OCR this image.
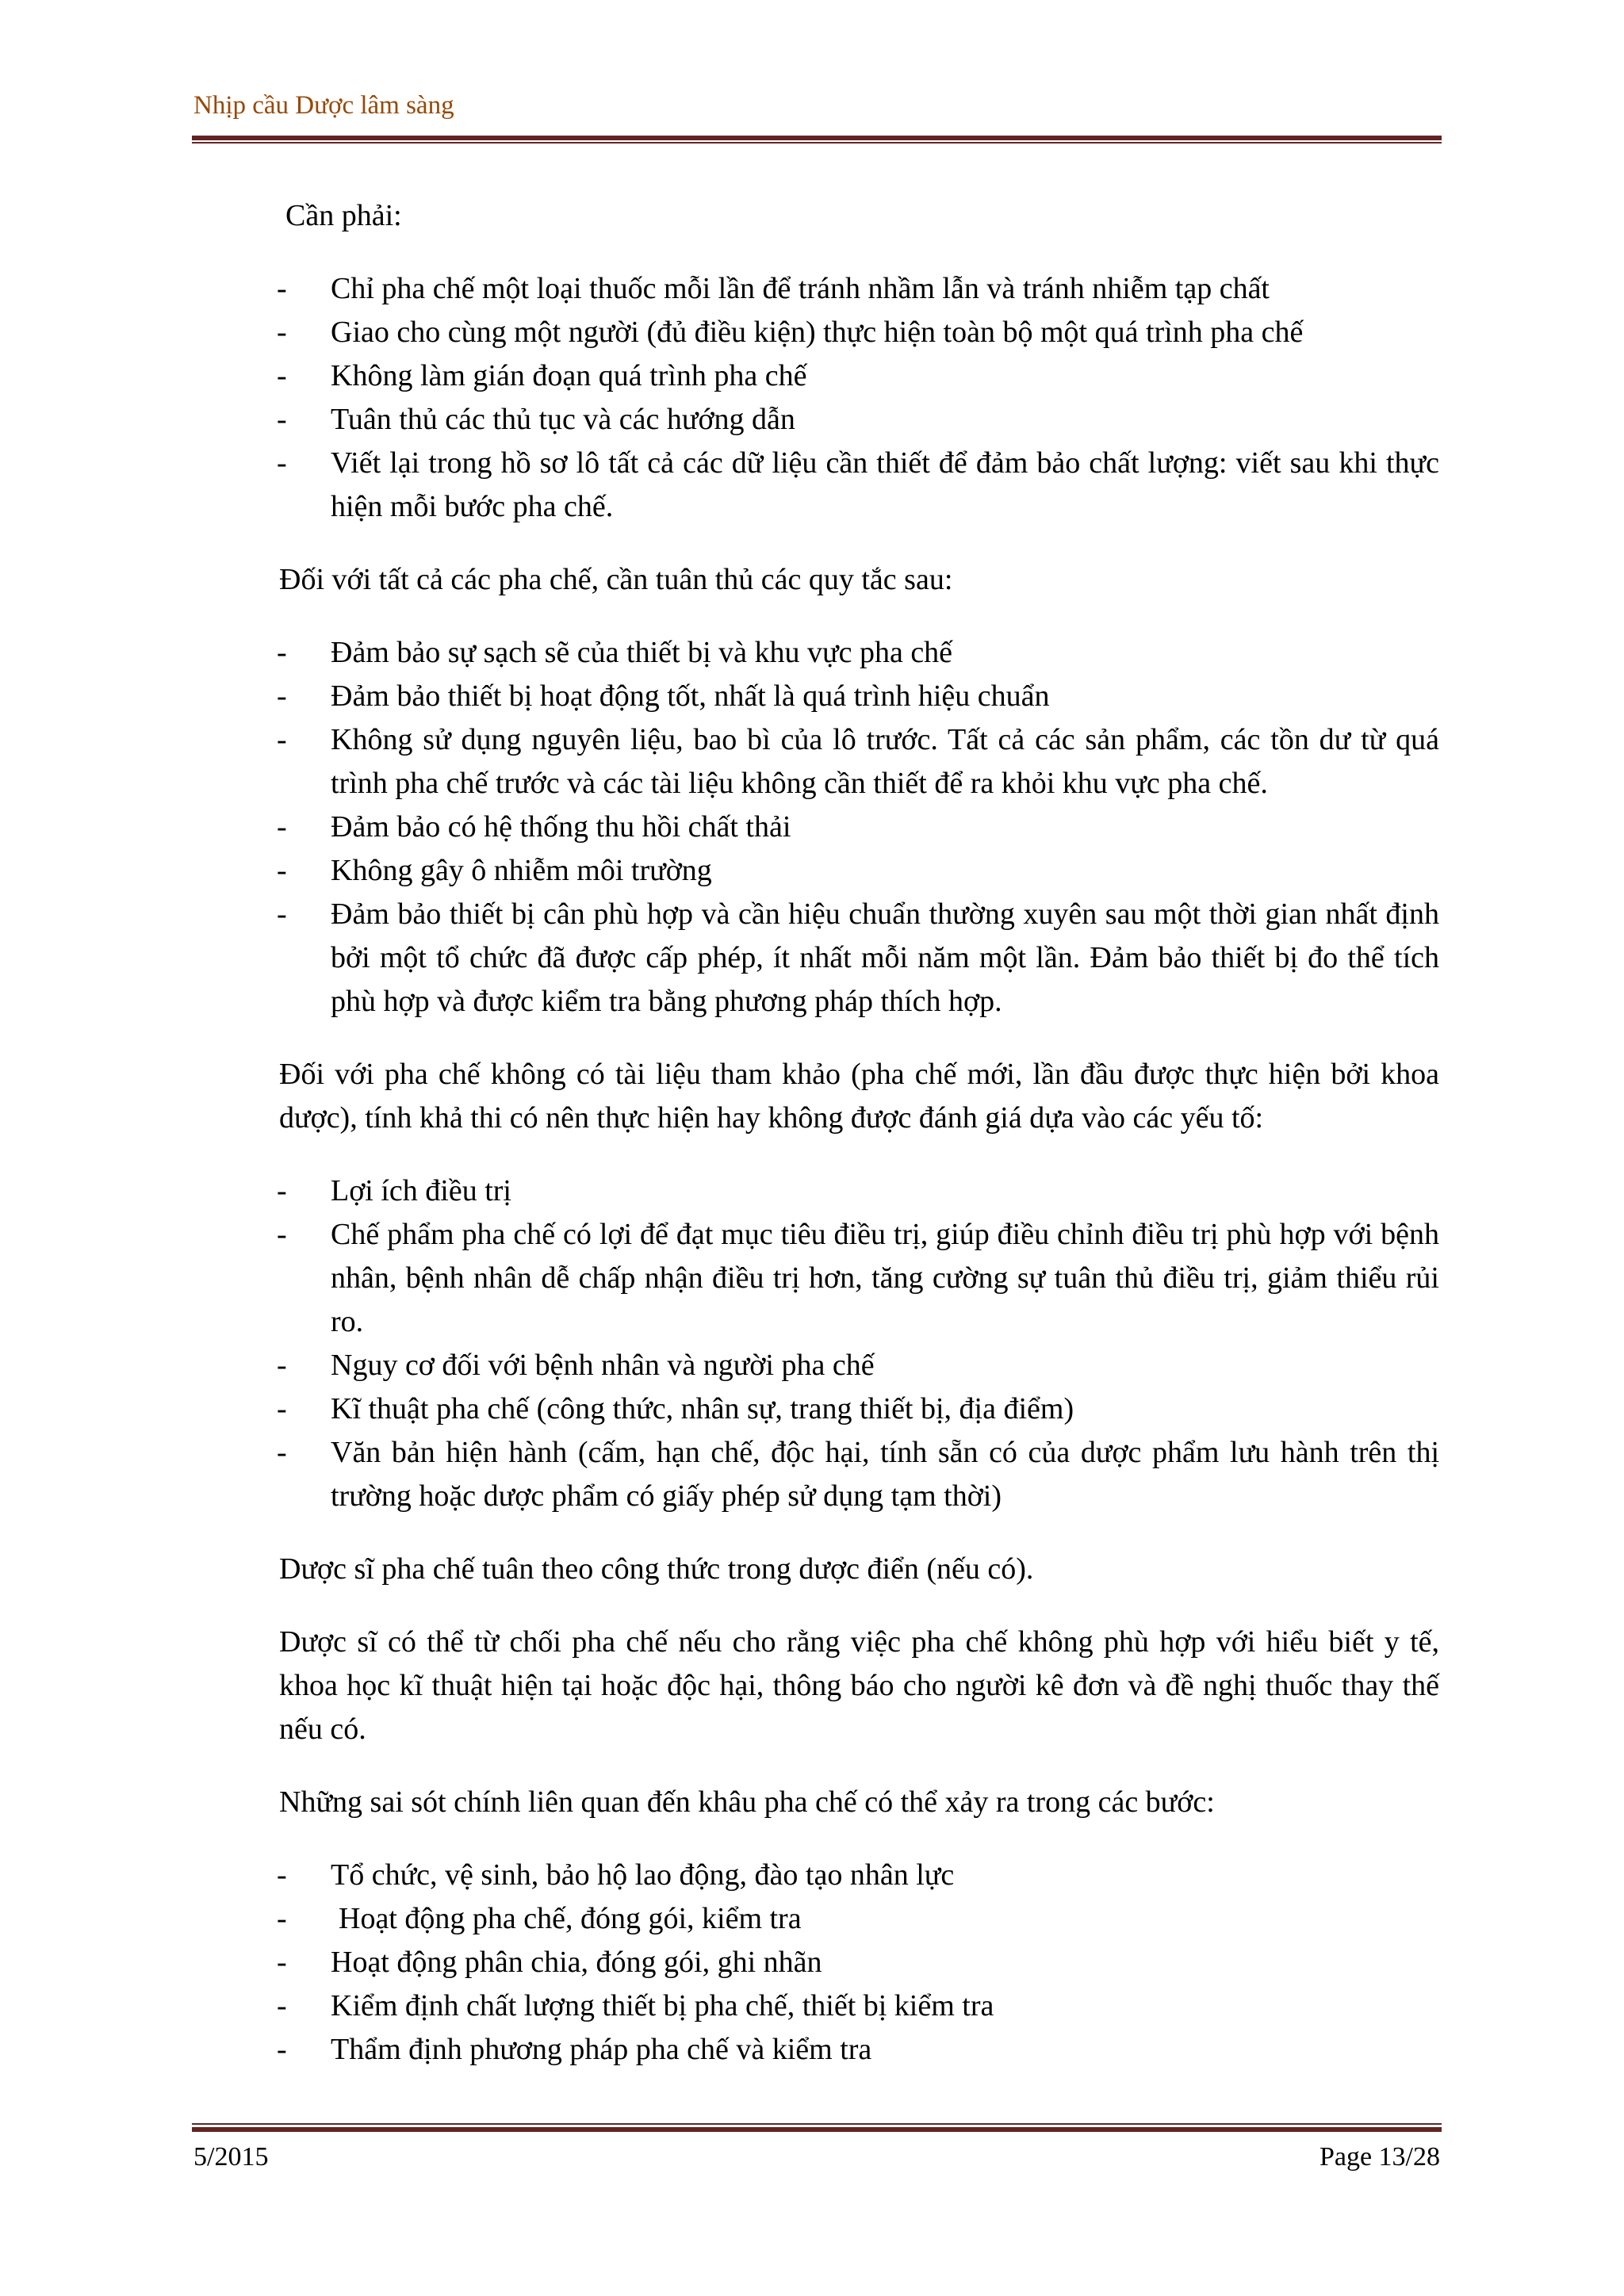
Nhịp cầu Dược lâm sàng

Cần phải:

- Chỉ pha chế một loại thuốc mỗi lần để tránh nhầm lẫn và tránh nhiễm tạp chất
- Giao cho cùng một người (đủ điều kiện) thực hiện toàn bộ một quá trình pha chế
- Không làm gián đoạn quá trình pha chế
- Tuân thủ các thủ tục và các hướng dẫn
- Viết lại trong hồ sơ lô tất cả các dữ liệu cần thiết để đảm bảo chất lượng: viết sau khi thực hiện mỗi bước pha chế.

Đối với tất cả các pha chế, cần tuân thủ các quy tắc sau:

- Đảm bảo sự sạch sẽ của thiết bị và khu vực pha chế
- Đảm bảo thiết bị hoạt động tốt, nhất là quá trình hiệu chuẩn
- Không sử dụng nguyên liệu, bao bì của lô trước. Tất cả các sản phẩm, các tồn dư từ quá trình pha chế trước và các tài liệu không cần thiết để ra khỏi khu vực pha chế.
- Đảm bảo có hệ thống thu hồi chất thải
- Không gây ô nhiễm môi trường
- Đảm bảo thiết bị cân phù hợp và cần hiệu chuẩn thường xuyên sau một thời gian nhất định bởi một tổ chức đã được cấp phép, ít nhất mỗi năm một lần. Đảm bảo thiết bị đo thể tích phù hợp và được kiểm tra bằng phương pháp thích hợp.

Đối với pha chế không có tài liệu tham khảo (pha chế mới, lần đầu được thực hiện bởi khoa dược), tính khả thi có nên thực hiện hay không được đánh giá dựa vào các yếu tố:

- Lợi ích điều trị
- Chế phẩm pha chế có lợi để đạt mục tiêu điều trị, giúp điều chỉnh điều trị phù hợp với bệnh nhân, bệnh nhân dễ chấp nhận điều trị hơn, tăng cường sự tuân thủ điều trị, giảm thiểu rủi ro.
- Nguy cơ đối với bệnh nhân và người pha chế
- Kĩ thuật pha chế (công thức, nhân sự, trang thiết bị, địa điểm)
- Văn bản hiện hành (cấm, hạn chế, độc hại, tính sẵn có của dược phẩm lưu hành trên thị trường hoặc dược phẩm có giấy phép sử dụng tạm thời)

Dược sĩ pha chế tuân theo công thức trong dược điển (nếu có).

Dược sĩ có thể từ chối pha chế nếu cho rằng việc pha chế không phù hợp với hiểu biết y tế, khoa học kĩ thuật hiện tại hoặc độc hại, thông báo cho người kê đơn và đề nghị thuốc thay thế nếu có.

Những sai sót chính liên quan đến khâu pha chế có thể xảy ra trong các bước:

- Tổ chức, vệ sinh, bảo hộ lao động, đào tạo nhân lực
- Hoạt động pha chế, đóng gói, kiểm tra
- Hoạt động phân chia, đóng gói, ghi nhãn
- Kiểm định chất lượng thiết bị pha chế, thiết bị kiểm tra
- Thẩm định phương pháp pha chế và kiểm tra
5/2015	Page 13/28
